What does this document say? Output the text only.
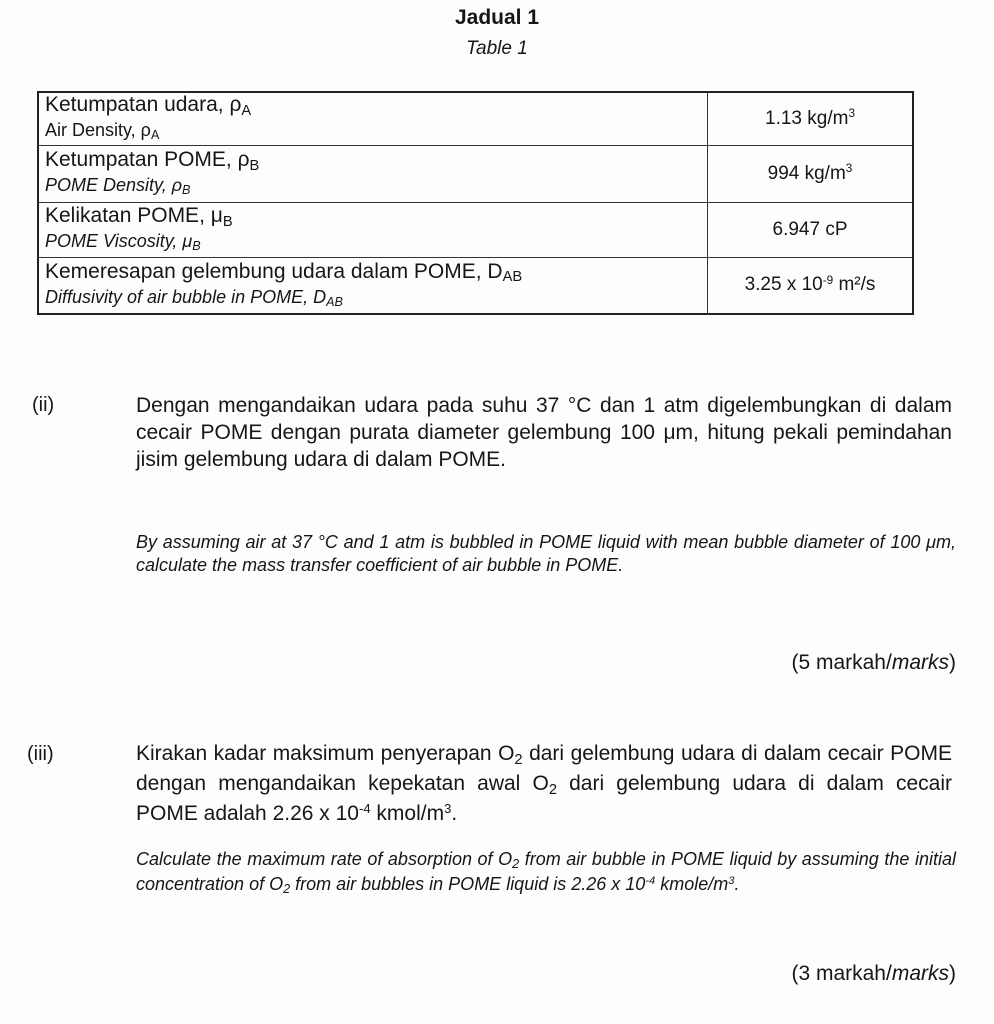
Jadual 1
Table 1
Ketumpatan udara, ρA
Air Density, ρA	1.13 $kg/m^3$

Ketumpatan POME, ρB
POME Density, ρB	994 $kg/m^3$

Kelikatan POME, μB
POME Viscosity, μB	6.947 cP

Kemeresapan gelembung udara dalam POME, DAB
Diffusivity of air bubble in POME, DAB	3.25 x $10^{-9}$ m²/s
(ii)	Dengan mengandaikan udara pada suhu 37 °C dan 1 atm digelembungkan di dalam cecair POME dengan purata diameter gelembung 100 μm, hitung pekali pemindahan jisim gelembung udara di dalam POME.
By assuming air at 37 °C and 1 atm is bubbled in POME liquid with mean bubble diameter of 100 μm, calculate the mass transfer coefficient of air bubble in POME.
(5 markah/marks)
(iii)	Kirakan kadar maksimum penyerapan O2 dari gelembung udara di dalam cecair POME dengan mengandaikan kepekatan awal O2 dari gelembung udara di dalam cecair POME adalah 2.26 x $10^{-4}$ kmol/$m^3$.
Calculate the maximum rate of absorption of O2 from air bubble in POME liquid by assuming the initial concentration of O2 from air bubbles in POME liquid is 2.26 x $10^{-4}$ kmole/$m^3$.
(3 markah/marks)
